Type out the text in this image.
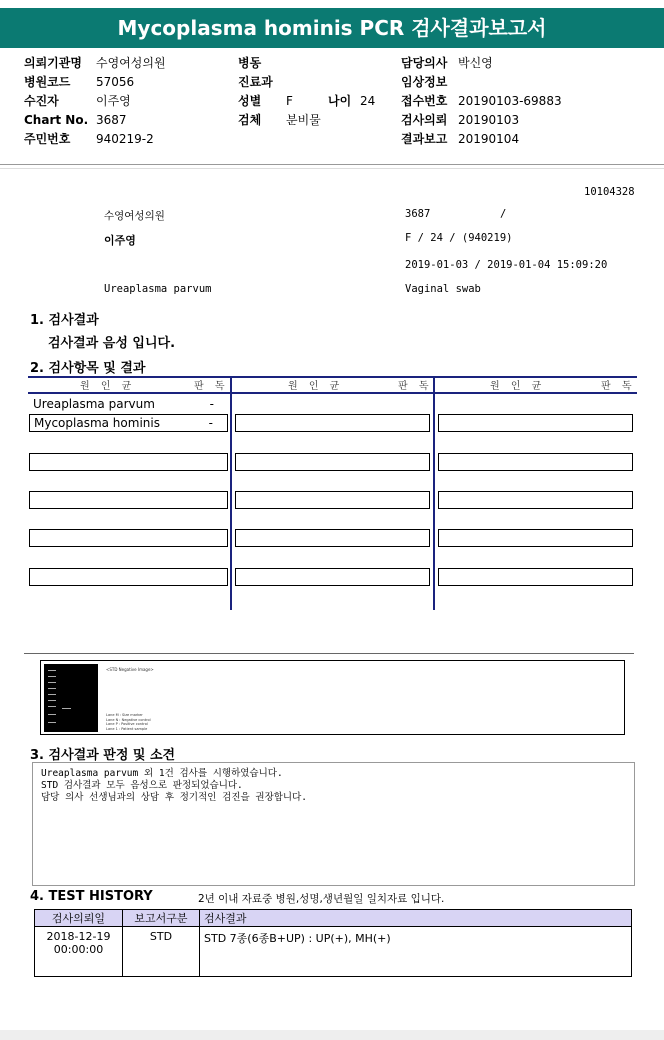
Mycoplasma hominis PCR 검사결과보고서
의뢰기관명	수영여성의원
병원코드	57056
수진자	이주영
Chart No. 3687
주민번호	940219-2
병동
진료과
성별	F	나이 24
검체	분비물
담당의사 박신영
임상정보
접수번호 20190103-69883
검사의뢰 20190103
결과보고 20190104
10104328
수영여성의원	3687	/
이주영	F / 24 / (940219)
2019-01-03 / 2019-01-04 15:09:20
Ureaplasma parvum	Vaginal swab
1. 검사결과
검사결과 음성 입니다.
2. 검사항목 및 결과
원 인 균	판 독	원 인 균	판 독	원 인 균	판 독
Ureaplasma parvum	-
Mycoplasma hominis	-
<STD Negative Image>
Lane M : Size marker
Lane N : Negative control
Lane P : Positive control
Lane 1 : Patient sample
3. 검사결과 판정 및 소견
Ureaplasma parvum 외 1건 검사를 시행하였습니다.
STD 검사결과 모두 음성으로 판정되었습니다.
담당 의사 선생님과의 상담 후 정기적인 검진을 권장합니다.
4. TEST HISTORY	2년 이내 자료중 병원,성명,생년월일 일치자료 입니다.
검사의뢰일	보고서구분	검사결과

2018-12-19
00:00:00	STD	STD 7종(6종B+UP) : UP(+), MH(+)
